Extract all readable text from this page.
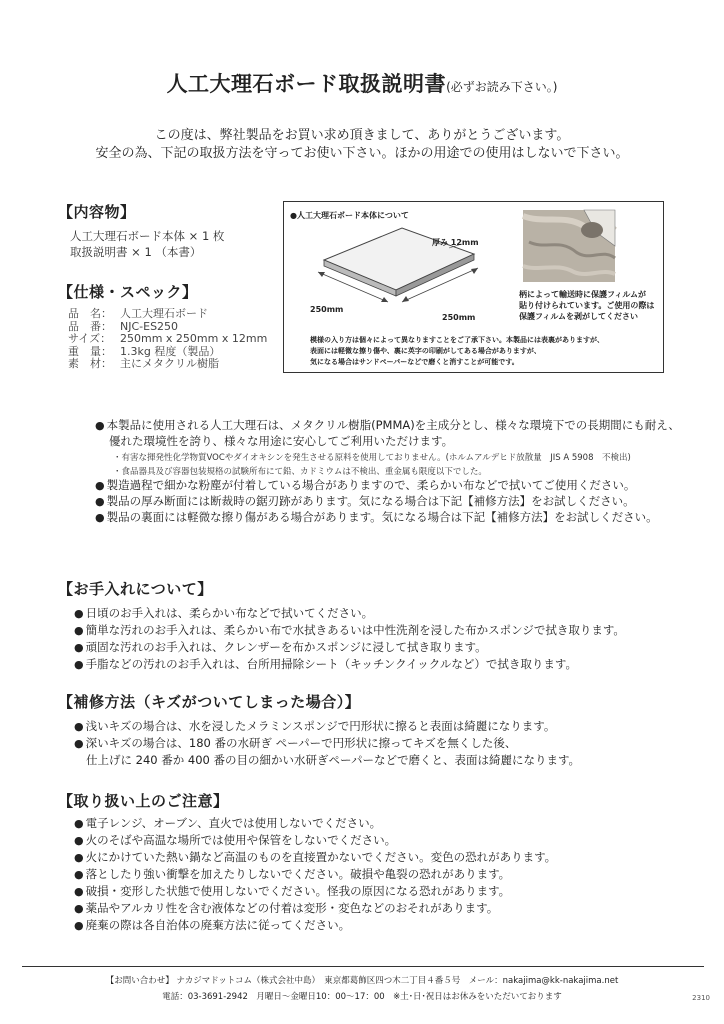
人工大理石ボード取扱説明書(必ずお読み下さい。)
この度は、弊社製品をお買い求め頂きまして、ありがとうございます。
安全の為、下記の取扱方法を守ってお使い下さい。ほかの用途での使用はしないで下さい。
【内容物】
人工大理石ボード本体 × 1 枚
取扱説明書 × 1 （本書）
【仕様・スペック】
品　名： 人工大理石ボード
品　番： NJC-ES250
サイズ： 250mm x 250mm x 12mm
重　量： 1.3kg 程度（製品）
素　材： 主にメタクリル樹脂
●人工大理石ボード本体について
厚み 12mm
250mm
250mm
柄によって輸送時に保護フィルムが
貼り付けられています。ご使用の際は
保護フィルムを剥がしてください
模様の入り方は個々によって異なりますことをご了承下さい。本製品には表裏がありますが、
表面には軽微な擦り傷や、裏に英字の印刷がしてある場合がありますが、
気になる場合はサンドペーパーなどで磨くと消すことが可能です。
● 本製品に使用される人工大理石は、メタクリル樹脂(PMMA)を主成分とし、様々な環境下での長期間にも耐え、
優れた環境性を誇り、様々な用途に安心してご利用いただけます。
・有害な揮発性化学物質VOCやダイオキシンを発生させる原料を使用しておりません。(ホルムアルデヒド放散量　JIS A 5908　不検出)
・食品器具及び容器包装規格の試験所布にて鉛、カドミウムは不検出、重金属も限度以下でした。
● 製造過程で細かな粉塵が付着している場合がありますので、柔らかい布などで拭いてご使用ください。
● 製品の厚み断面には断裁時の鋸刃跡があります。気になる場合は下記【補修方法】をお試しください。
● 製品の裏面には軽微な擦り傷がある場合があります。気になる場合は下記【補修方法】をお試しください。
【お手入れについて】
● 日頃のお手入れは、柔らかい布などで拭いてください。
● 簡単な汚れのお手入れは、柔らかい布で水拭きあるいは中性洗剤を浸した布かスポンジで拭き取ります。
● 頑固な汚れのお手入れは、クレンザーを布かスポンジに浸して拭き取ります。
● 手脂などの汚れのお手入れは、台所用掃除シート（キッチンクイックルなど）で拭き取ります。
【補修方法（キズがついてしまった場合）】
● 浅いキズの場合は、水を浸したメラミンスポンジで円形状に擦ると表面は綺麗になります。
● 深いキズの場合は、180 番の水研ぎ ペーパーで円形状に擦ってキズを無くした後、
仕上げに 240 番か 400 番の目の細かい水研ぎペーパーなどで磨くと、表面は綺麗になります。
【取り扱い上のご注意】
● 電子レンジ、オーブン、直火では使用しないでください。
● 火のそばや高温な場所では使用や保管をしないでください。
● 火にかけていた熱い鍋など高温のものを直接置かないでください。変色の恐れがあります。
● 落としたり強い衝撃を加えたりしないでください。破損や亀裂の恐れがあります。
● 破損・変形した状態で使用しないでください。怪我の原因になる恐れがあります。
● 薬品やアルカリ性を含む液体などの付着は変形・変色などのおそれがあります。
● 廃棄の際は各自治体の廃棄方法に従ってください。
【お問い合わせ】 ナカジマドットコム（株式会社中島）　東京都葛飾区四つ木二丁目４番５号　メール：nakajima@kk-nakajima.net
電話：03-3691-2942　月曜日～金曜日10：00～17：00　※土･日･祝日はお休みをいただいております	2310
